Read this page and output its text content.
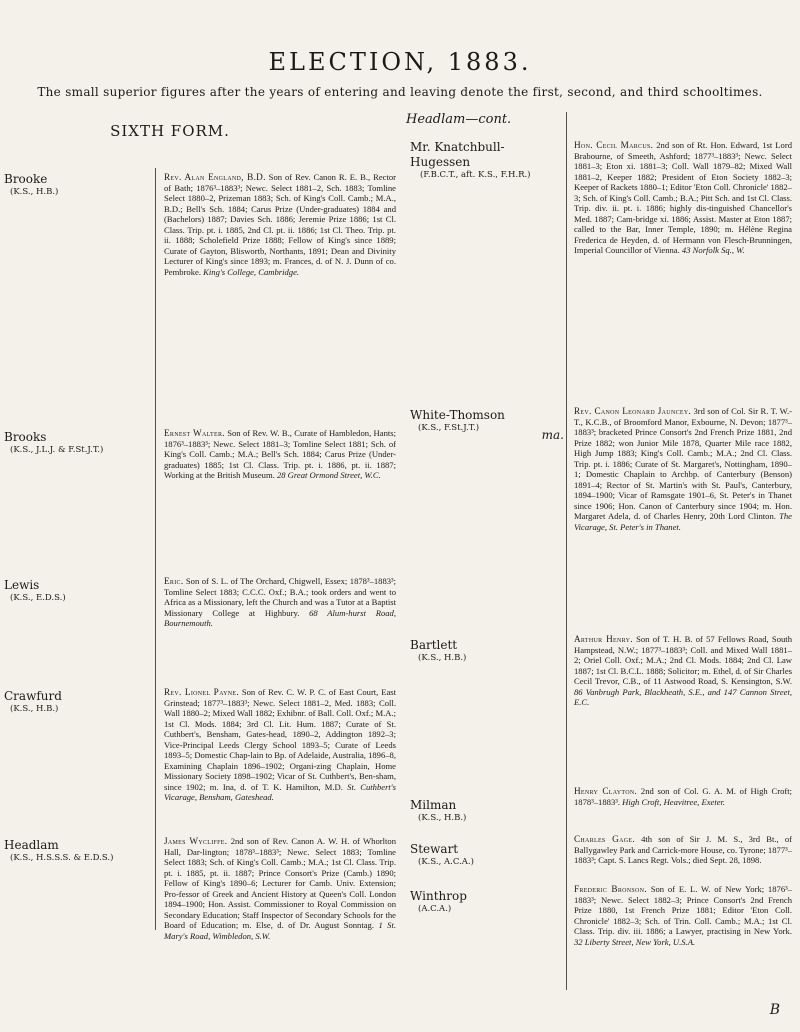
ELECTION, 1883.
The small superior figures after the years of entering and leaving denote the first, second, and third schooltimes.
SIXTH FORM.
Brooke
(K.S., H.B.)
Brooks
(K.S., J.L.J. & F.St.J.T.)
Lewis
(K.S., E.D.S.)
Crawfurd
(K.S., H.B.)
Headlam
(K.S., H.S.S.S. & E.D.S.)
Rev. Alan England, B.D. Son of Rev. Canon R. E. B., Rector of Bath; 1876³–1883³; Newc. Select 1881–2, Sch. 1883; Tomline Select 1880–2, Prizeman 1883; Sch. of King's Coll. Camb.; M.A., B.D.; Bell's Sch. 1884; Carus Prize (Under-graduates) 1884 and (Bachelors) 1887; Davies Sch. 1886; Jeremie Prize 1886; 1st Cl. Class. Trip. pt. i. 1885, 2nd Cl. pt. ii. 1886; 1st Cl. Theo. Trip. pt. ii. 1888; Scholefield Prize 1888; Fellow of King's since 1889; Curate of Gayton, Bliswortb, Northants, 1891; Dean and Divinity Lecturer of King's since 1893; m. Frances, d. of N. J. Dunn of co. Pembroke. King's College, Cambridge.
Ernest Walter. Son of Rev. W. B., Curate of Hambledon, Hants; 1876³–1883³; Newc. Select 1881–3; Tomline Select 1881; Sch. of King's Coll. Camb.; M.A.; Bell's Sch. 1884; Carus Prize (Under-graduates) 1885; 1st Cl. Class. Trip. pt. i. 1886, pt. ii. 1887; Working at the British Museum. 28 Great Ormond Street, W.C.
Eric. Son of S. L. of The Orchard, Chigwell, Essex; 1878³–1883³; Tomline Select 1883; C.C.C. Oxf.; B.A.; took orders and went to Africa as a Missionary, left the Church and was a Tutor at a Baptist Missionary College at Highbury. 68 Alum-hurst Road, Bournemouth.
Rev. Lionel Payne. Son of Rev. C. W. P. C. of East Court, East Grinstead; 1877³–1883³; Newc. Select 1881–2, Med. 1883; Coll. Wall 1880–2; Mixed Wall 1882; Exhibnr. of Ball. Coll. Oxf.; M.A.; 1st Cl. Mods. 1884; 3rd Cl. Lit. Hum. 1887; Curate of St. Cuthbert's, Bensham, Gates-head, 1890–2, Addington 1892–3; Vice-Principal Leeds Clergy School 1893–5; Curate of Leeds 1893–5; Domestic Chap-lain to Bp. of Adelaide, Australia, 1896–8, Examining Chaplain 1896–1902; Organi-zing Chaplain, Home Missionary Society 1898–1902; Vicar of St. Cuthbert's, Ben-sham, since 1902; m. Ina, d. of T. K. Hamilton, M.D. St. Cuthbert's Vicarage, Bensham, Gateshead.
James Wycliffe. 2nd son of Rev. Canon A. W. H. of Whorlton Hall, Dar-lington; 1878³–1883³; Newc. Select 1883; Tomline Select 1883; Sch. of King's Coll. Camb.; M.A.; 1st Cl. Class. Trip. pt. i. 1885, pt. ii. 1887; Prince Consort's Prize (Camb.) 1890; Fellow of King's 1890–6; Lecturer for Camb. Univ. Extension; Pro-fessor of Greek and Ancient History at Queen's Coll. London 1894–1900; Hon. Assist. Commissioner to Royal Commission on Secondary Education; Staff Inspector of Secondary Schools for the Board of Education; m. Else, d. of Dr. August Sonntag. 1 St. Mary's Road, Wimbledon, S.W.
Headlam—cont.
Mr. Knatchbull-Hugessen
(F.B.C.T., aft. K.S., F.H.R.)
White-Thomson
(K.S., F.St.J.T.)	ma.
Bartlett
(K.S., H.B.)
Milman
(K.S., H.B.)
Stewart
(K.S., A.C.A.)
Winthrop
(A.C.A.)
Hon. Cecil Marcus. 2nd son of Rt. Hon. Edward, 1st Lord Brabourne, of Smeeth, Ashford; 1877³–1883³; Newc. Select 1881–3; Eton xi. 1881–3; Coll. Wall 1879–82; Mixed Wall 1881–2, Keeper 1882; President of Eton Society 1882–3; Keeper of Rackets 1880–1; Editor 'Eton Coll. Chronicle' 1882–3; Sch. of King's Coll. Camb.; B.A.; Pitt Sch. and 1st Cl. Class. Trip. div. ii. pt. i. 1886; highly dis-tinguished Chancellor's Med. 1887; Cam-bridge xi. 1886; Assist. Master at Eton 1887; called to the Bar, Inner Temple, 1890; m. Hélène Regina Frederica de Heyden, d. of Hermann von Flesch-Brunningen, Imperial Councillor of Vienna. 43 Norfolk Sq., W.
Rev. Canon Leonard Jauncey. 3rd son of Col. Sir R. T. W.-T., K.C.B., of Broomford Manor, Exbourne, N. Devon; 1877³–1883³; bracketed Prince Consort's 2nd French Prize 1881, 2nd Prize 1882; won Junior Mile 1878, Quarter Mile race 1882, High Jump 1883; King's Coll. Camb.; M.A.; 2nd Cl. Class. Trip. pt. i. 1886; Curate of St. Margaret's, Nottingham, 1890–1; Domestic Chaplain to Archbp. of Canterbury (Benson) 1891–4; Rector of St. Martin's with St. Paul's, Canterbury, 1894–1900; Vicar of Ramsgate 1901–6, St. Peter's in Thanet since 1906; Hon. Canon of Canterbury since 1904; m. Hon. Margaret Adela, d. of Charles Henry, 20th Lord Clinton. The Vicarage, St. Peter's in Thanet.
Arthur Henry. Son of T. H. B. of 57 Fellows Road, South Hampstead, N.W.; 1877³–1883³; Coll. and Mixed Wall 1881–2; Oriel Coll. Oxf.; M.A.; 2nd Cl. Mods. 1884; 2nd Cl. Law 1887; 1st Cl. B.C.L. 1888; Solicitor; m. Ethel, d. of Sir Charles Cecil Trevor, C.B., of 11 Astwood Road, S. Kensington, S.W. 86 Vanbrugh Park, Blackheath, S.E., and 147 Cannon Street, E.C.
Henry Clayton. 2nd son of Col. G. A. M. of High Croft; 1878³–1883³. High Croft, Heavitree, Exeter.
Charles Gage. 4th son of Sir J. M. S., 3rd Bt., of Ballygawley Park and Carrick-more House, co. Tyrone; 1877³–1883³; Capt. S. Lancs Regt. Vols.; died Sept. 28, 1898.
Frederic Bronson. Son of E. L. W. of New York; 1876³–1883³; Newc. Select 1882–3; Prince Consort's 2nd French Prize 1880, 1st French Prize 1881; Editor 'Eton Coll. Chronicle' 1882–3; Sch. of Trin. Coll. Camb.; M.A.; 1st Cl. Class. Trip. div. iii. 1886; a Lawyer, practising in New York. 32 Liberty Street, New York, U.S.A.
B
